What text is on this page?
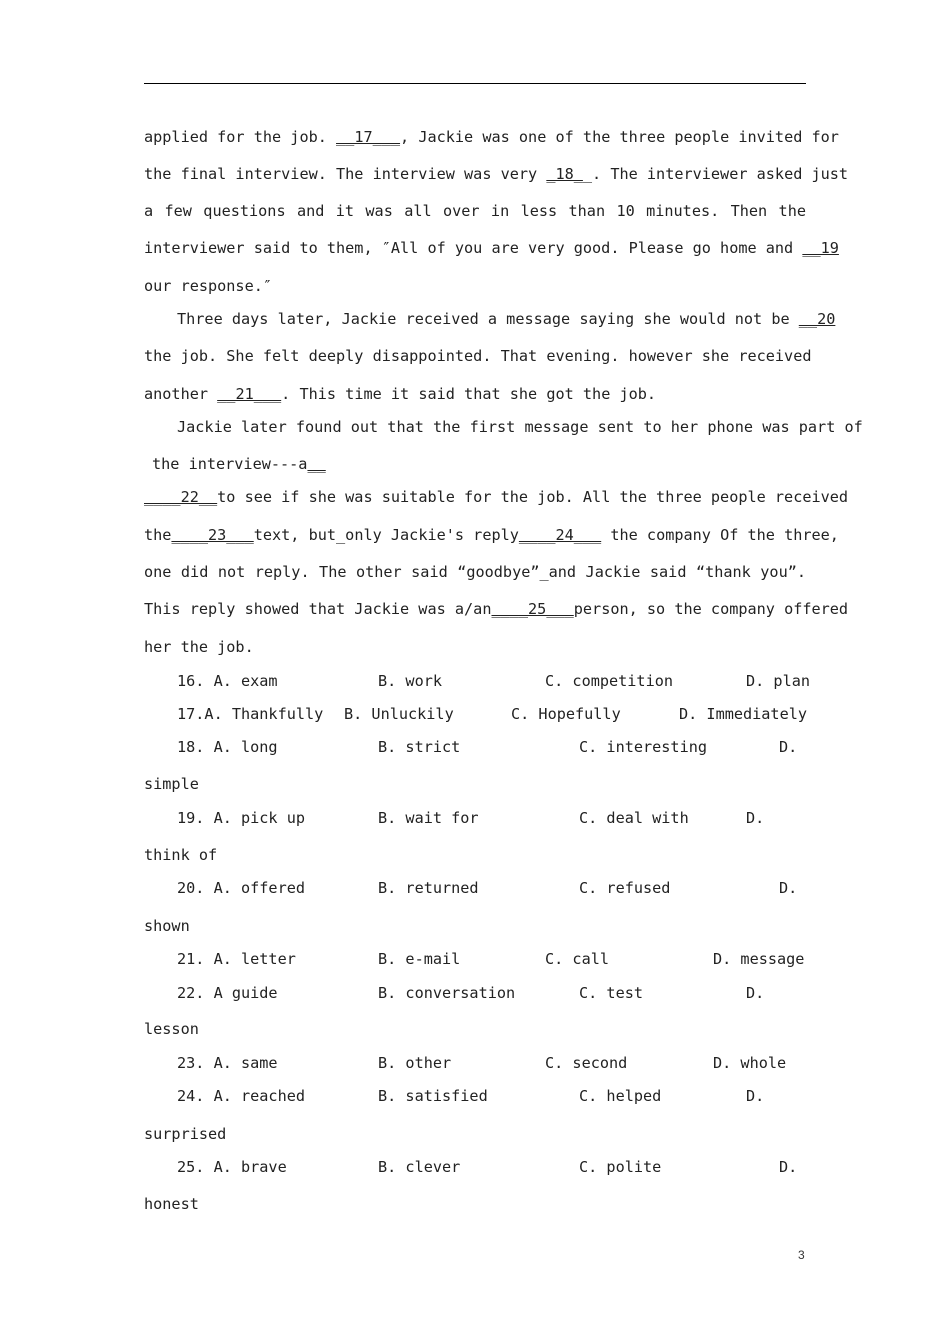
applied for the job. __17___, Jackie was one of the three people invited for
the final interview. The interview was very _18__. The interviewer asked just
a few questions and it was all over in less than 10 minutes. Then the
interviewer said to them, ″All of you are very good. Please go home and __19
our response.″
Three days later, Jackie received a message saying she would not be __20
the job. She felt deeply disappointed. That evening. however she received
another __21___. This time it said that she got the job.
Jackie later found out that the first message sent to her phone was part of
the interview---a__
____22__to see if she was suitable for the job. All the three people received
the____23___text, but_only Jackie's reply____24___ the company Of the three,
one did not reply. The other said “goodbye”_and Jackie said “thank you”.
This reply showed that Jackie was a/an____25___person, so the company offered
her the job.
16. A. exam	B. work	C. competition	D. plan
17.A. Thankfully B. Unluckily	C. Hopefully	D. Immediately
18. A. long	B. strict	C. interesting	D.
simple
19. A. pick up	B. wait for	C. deal with	D.
think of
20. A. offered	B. returned	C. refused	D.
shown
21. A. letter	B. e-mail	C. call	D. message
22. A guide	B. conversation	C. test	D.
lesson
23. A. same	B. other	C. second	D. whole
24. A. reached	B. satisfied	C. helped	D.
surprised
25. A. brave	B. clever	C. polite	D.
honest
3
